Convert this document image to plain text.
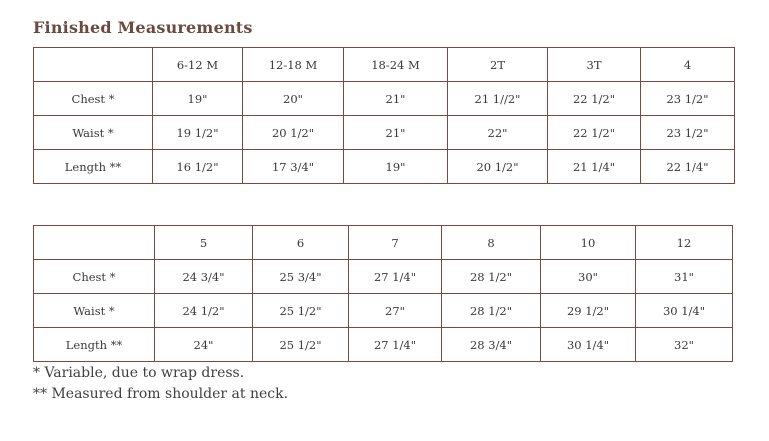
Finished Measurements
	6-12 M	12-18 M	18-24 M	2T	3T	4
Chest *	19"	20"	21"	21 1//2"	22 1/2"	23 1/2"
Waist *	19 1/2"	20 1/2"	21"	22"	22 1/2"	23 1/2"
Length **	16 1/2"	17 3/4"	19"	20 1/2"	21 1/4"	22 1/4"
	5	6	7	8	10	12
Chest *	24 3/4"	25 3/4"	27 1/4"	28 1/2"	30"	31"
Waist *	24 1/2"	25 1/2"	27"	28 1/2"	29 1/2"	30 1/4"
Length **	24"	25 1/2"	27 1/4"	28 3/4"	30 1/4"	32"
* Variable, due to wrap dress.
** Measured from shoulder at neck.
